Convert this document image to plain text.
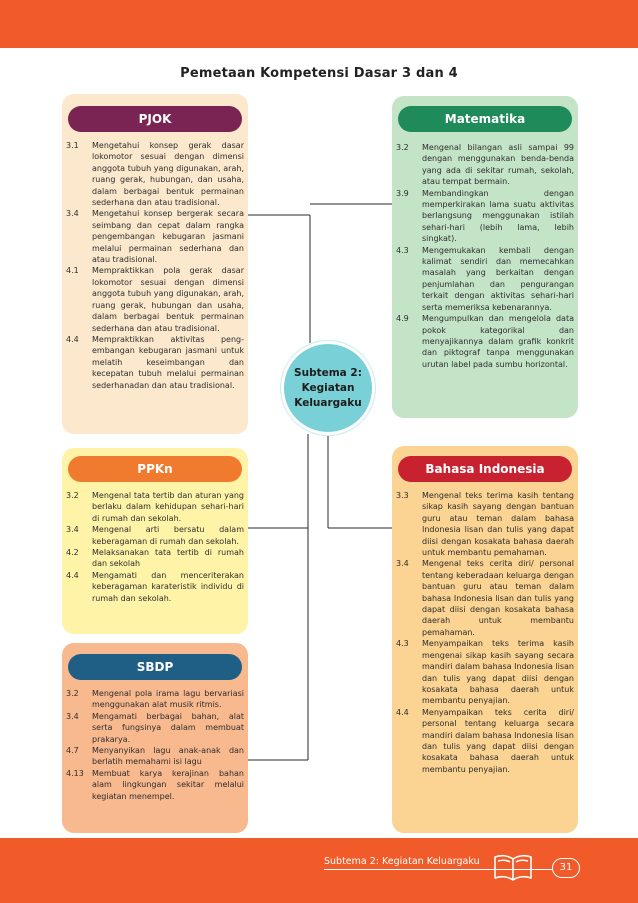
Pemetaan Kompetensi Dasar 3 dan 4
PJOK
3.1	Mengetahui konsep gerak dasar lokomotor sesuai dengan dimensi anggota tubuh yang digunakan, arah, ruang gerak, hubungan, dan usaha, dalam berbagai bentuk permainan sederhana dan atau tradisional.
3.4	Mengetahui konsep bergerak secara seimbang dan cepat dalam rangka pengembangan kebugaran jasmani melalui permainan sederhana dan atau tradisional.
4.1	Mempraktikkan pola gerak dasar lokomotor sesuai dengan dimensi anggota tubuh yang digunakan, arah, ruang gerak, hubungan dan usaha, dalam berbagai bentuk permainan sederhana dan atau tradisional.
4.4	Mempraktikkan aktivitas peng-embangan kebugaran jasmani untuk melatih keseimbangan dan kecepatan tubuh melalui permainan sederhanadan dan atau tradisional.
Matematika
3.2	Mengenal bilangan asli sampai 99 dengan menggunakan benda-benda yang ada di sekitar rumah, sekolah, atau tempat bermain.
3.9	Membandingkan dengan memperkirakan lama suatu aktivitas berlangsung menggunakan istilah sehari-hari (lebih lama, lebih singkat).
4.3	Mengemukakan kembali dengan kalimat sendiri dan memecahkan masalah yang berkaitan dengan penjumlahan dan pengurangan terkait dengan aktivitas sehari-hari serta memeriksa kebenarannya.
4.9	Mengumpulkan dan mengelola data pokok kategorikal dan menyajikannya dalam grafik konkrit dan piktograf tanpa menggunakan urutan label pada sumbu horizontal.
PPKn
3.2	Mengenal tata tertib dan aturan yang berlaku dalam kehidupan sehari-hari di rumah dan sekolah.
3.4	Mengenal arti bersatu dalam keberagaman di rumah dan sekolah.
4.2	Melaksanakan tata tertib di rumah dan sekolah
4.4	Mengamati dan menceriterakan keberagaman karateristik individu di rumah dan sekolah.
SBDP
3.2	Mengenal pola irama lagu bervariasi menggunakan alat musik ritmis.
3.4	Mengamati berbagai bahan, alat serta fungsinya dalam membuat prakarya.
4.7	Menyanyikan lagu anak-anak dan berlatih memahami isi lagu
4.13	Membuat karya kerajinan bahan alam lingkungan sekitar melalui kegiatan menempel.
Bahasa Indonesia
3.3	Mengenal teks terima kasih tentang sikap kasih sayang dengan bantuan guru atau teman dalam bahasa Indonesia lisan dan tulis yang dapat diisi dengan kosakata bahasa daerah untuk membantu pemahaman.
3.4	Mengenal teks cerita diri/ personal tentang keberadaan keluarga dengan bantuan guru atau teman dalam bahasa Indonesia lisan dan tulis yang dapat diisi dengan kosakata bahasa daerah untuk membantu pemahaman.
4.3	Menyampaikan teks terima kasih mengenai sikap kasih sayang secara mandiri dalam bahasa Indonesia lisan dan tulis yang dapat diisi dengan kosakata bahasa daerah untuk membantu penyajian.
4.4	Menyampaikan teks cerita diri/ personal tentang keluarga secara mandiri dalam bahasa Indonesia lisan dan tulis yang dapat diisi dengan kosakata bahasa daerah untuk membantu penyajian.
Subtema 2:
Kegiatan
Keluargaku
Subtema 2: Kegiatan Keluargaku
31
